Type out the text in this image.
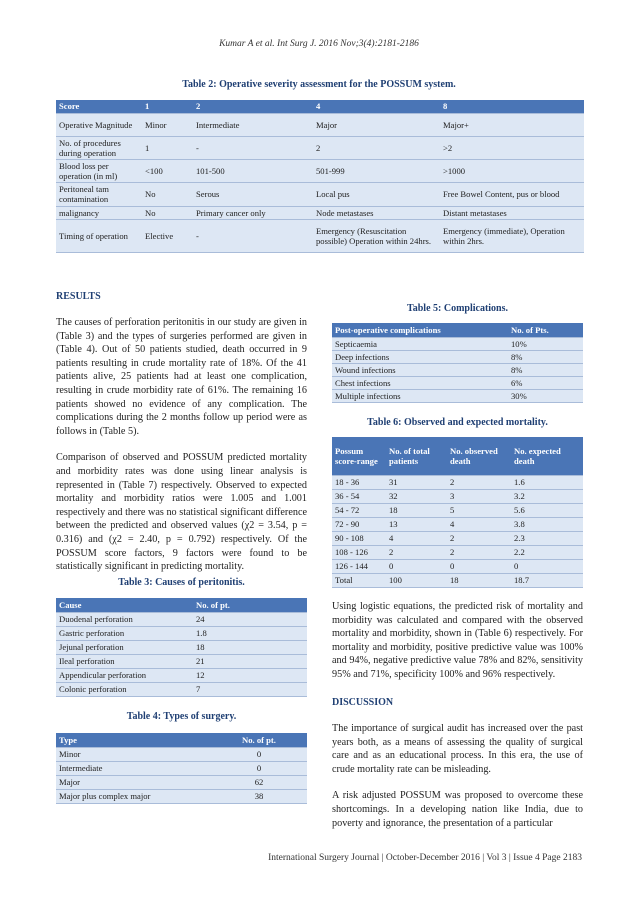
Kumar A et al. Int Surg J. 2016 Nov;3(4):2181-2186
Table 2: Operative severity assessment for the POSSUM system.
Score	1	2	4	8
Operative Magnitude	Minor	Intermediate	Major	Major+
No. of procedures during operation	1	-	2	>2
Blood loss per operation (in ml)	<100	101-500	501-999	>1000
Peritoneal tam contamination	No	Serous	Local pus	Free Bowel Content, pus or blood
malignancy	No	Primary cancer only	Node metastases	Distant metastases
Timing of operation	Elective	-	Emergency (Resuscitation possible) Operation within 24hrs.	Emergency (immediate), Operation within 2hrs.
RESULTS

The causes of perforation peritonitis in our study are given in (Table 3) and the types of surgeries performed are given in (Table 4). Out of 50 patients studied, death occurred in 9 patients resulting in crude mortality rate of 18%. Of the 41 patients alive, 25 patients had at least one complication, resulting in crude morbidity rate of 61%. The remaining 16 patients showed no evidence of any complication. The complications during the 2 months follow up period were as follows in (Table 5).

Comparison of observed and POSSUM predicted mortality and morbidity rates was done using linear analysis is represented in (Table 7) respectively. Observed to expected mortality and morbidity ratios were 1.005 and 1.001 respectively and there was no statistical significant difference between the predicted and observed values (χ2 = 3.54, p = 0.316) and (χ2 = 2.40, p = 0.792) respectively. Of the POSSUM score factors, 9 factors were found to be statistically significant in predicting mortality.

Table 3: Causes of peritonitis.
Cause	No. of pt.
Duodenal perforation	24
Gastric perforation	1.8
Jejunal perforation	18
Ileal perforation	21
Appendicular perforation	12
Colonic perforation	7
Table 4: Types of surgery.
Type	No. of pt.
Minor	0
Intermediate	0
Major	62
Major plus complex major	38
Table 5: Complications.
Post-operative complications	No. of Pts.
Septicaemia	10%
Deep infections	8%
Wound infections	8%
Chest infections	6%
Multiple infections	30%
Table 6: Observed and expected mortality.
Possum score-range	No. of total patients	No. observed death	No. expected death
18 - 36	31	2	1.6
36 - 54	32	3	3.2
54 - 72	18	5	5.6
72 - 90	13	4	3.8
90 - 108	4	2	2.3
108 - 126	2	2	2.2
126 - 144	0	0	0
Total	100	18	18.7

Using logistic equations, the predicted risk of mortality and morbidity was calculated and compared with the observed mortality and morbidity, shown in (Table 6) respectively. For mortality and morbidity, positive predictive value was 100% and 94%, negative predictive value 78% and 82%, sensitivity 95% and 71%, specificity 100% and 96% respectively.

DISCUSSION

The importance of surgical audit has increased over the past years both, as a means of assessing the quality of surgical care and as an educational process. In this era, the use of crude mortality rate can be misleading.

A risk adjusted POSSUM was proposed to overcome these shortcomings. In a developing nation like India, due to poverty and ignorance, the presentation of a particular

International Surgery Journal | October-December 2016 | Vol 3 | Issue 4 Page 2183
